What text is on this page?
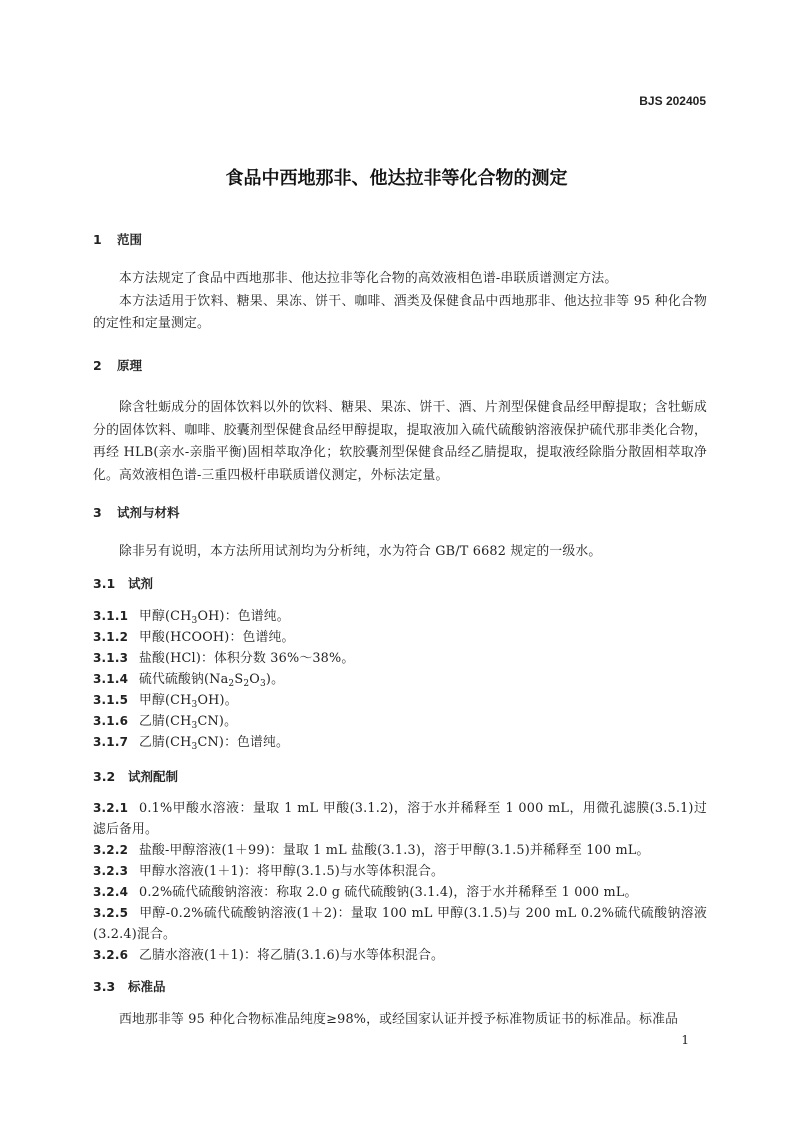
BJS 202405
食品中西地那非、他达拉非等化合物的测定
1 范围
本方法规定了食品中西地那非、他达拉非等化合物的高效液相色谱-串联质谱测定方法。
本方法适用于饮料、糖果、果冻、饼干、咖啡、酒类及保健食品中西地那非、他达拉非等 95 种化合物的定性和定量测定。
2 原理
除含牡蛎成分的固体饮料以外的饮料、糖果、果冻、饼干、酒、片剂型保健食品经甲醇提取；含牡蛎成分的固体饮料、咖啡、胶囊剂型保健食品经甲醇提取，提取液加入硫代硫酸钠溶液保护硫代那非类化合物，再经 HLB(亲水-亲脂平衡)固相萃取净化；软胶囊剂型保健食品经乙腈提取，提取液经除脂分散固相萃取净化。高效液相色谱-三重四极杆串联质谱仪测定，外标法定量。
3 试剂与材料
除非另有说明，本方法所用试剂均为分析纯，水为符合 GB/T 6682 规定的一级水。
3.1 试剂
3.1.1 甲醇$(CH_3OH)$：色谱纯。
3.1.2 甲酸(HCOOH)：色谱纯。
3.1.3 盐酸(HCl)：体积分数 36%～38%。
3.1.4 硫代硫酸钠$(Na_2S_2O_3)$。
3.1.5 甲醇$(CH_3OH)$。
3.1.6 乙腈$(CH_3CN)$。
3.1.7 乙腈$(CH_3CN)$：色谱纯。
3.2 试剂配制
3.2.1 0.1%甲酸水溶液：量取 1 mL 甲酸(3.1.2)，溶于水并稀释至 1 000 mL，用微孔滤膜(3.5.1)过滤后备用。
3.2.2 盐酸-甲醇溶液(1＋99)：量取 1 mL 盐酸(3.1.3)，溶于甲醇(3.1.5)并稀释至 100 mL。
3.2.3 甲醇水溶液(1＋1)：将甲醇(3.1.5)与水等体积混合。
3.2.4 0.2%硫代硫酸钠溶液：称取 2.0 g 硫代硫酸钠(3.1.4)，溶于水并稀释至 1 000 mL。
3.2.5 甲醇-0.2%硫代硫酸钠溶液(1＋2)：量取 100 mL 甲醇(3.1.5)与 200 mL 0.2%硫代硫酸钠溶液(3.2.4)混合。
3.2.6 乙腈水溶液(1＋1)：将乙腈(3.1.6)与水等体积混合。
3.3 标准品
西地那非等 95 种化合物标准品纯度≥98%，或经国家认证并授予标准物质证书的标准品。标准品
1
